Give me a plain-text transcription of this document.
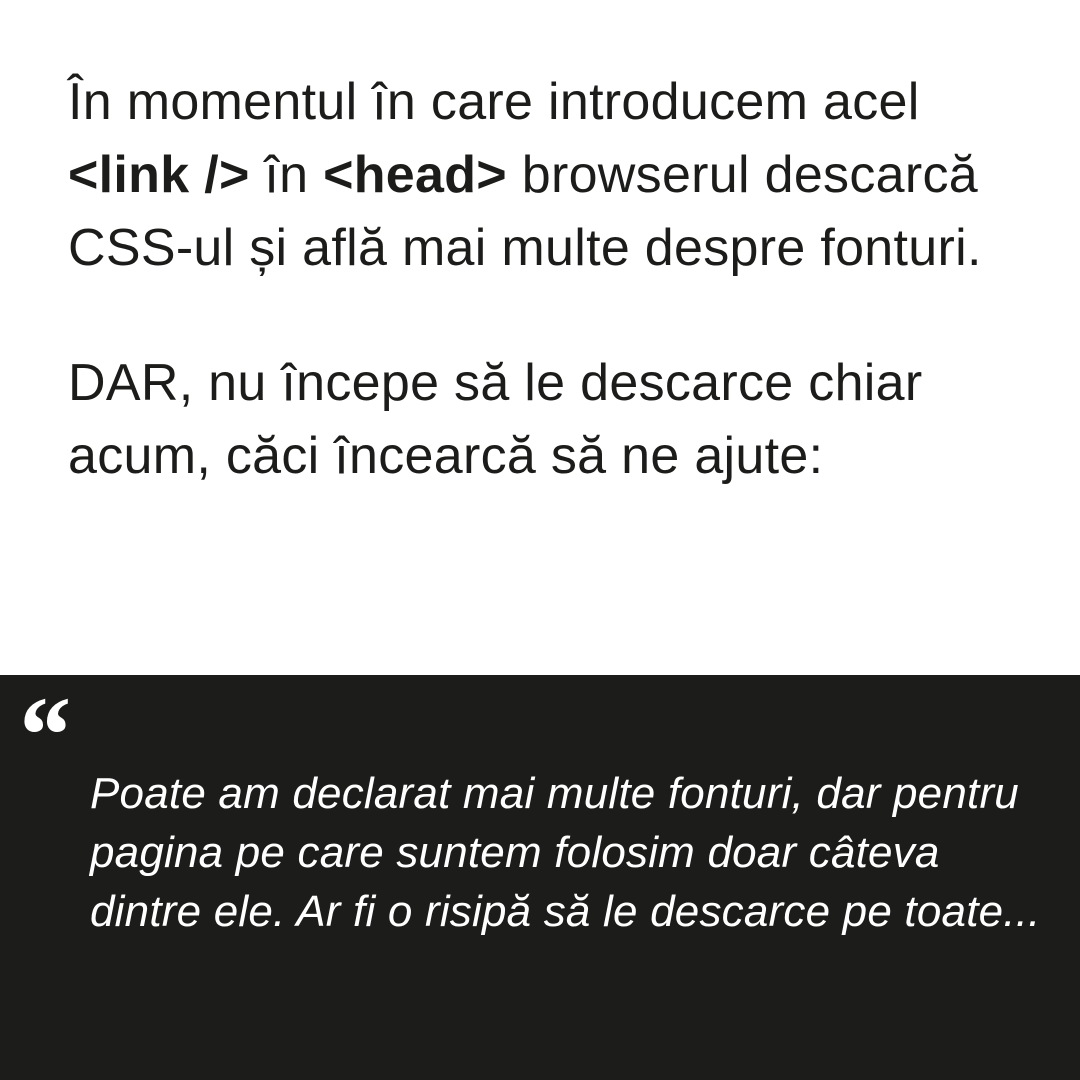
În momentul în care introducem acel <link /> în <head> browserul descarcă CSS-ul și află mai multe despre fonturi.

DAR, nu începe să le descarce chiar acum, căci încearcă să ne ajute:

“ Poate am declarat mai multe fonturi, dar pentru pagina pe care suntem folosim doar câteva dintre ele. Ar fi o risipă să le descarce pe toate...
